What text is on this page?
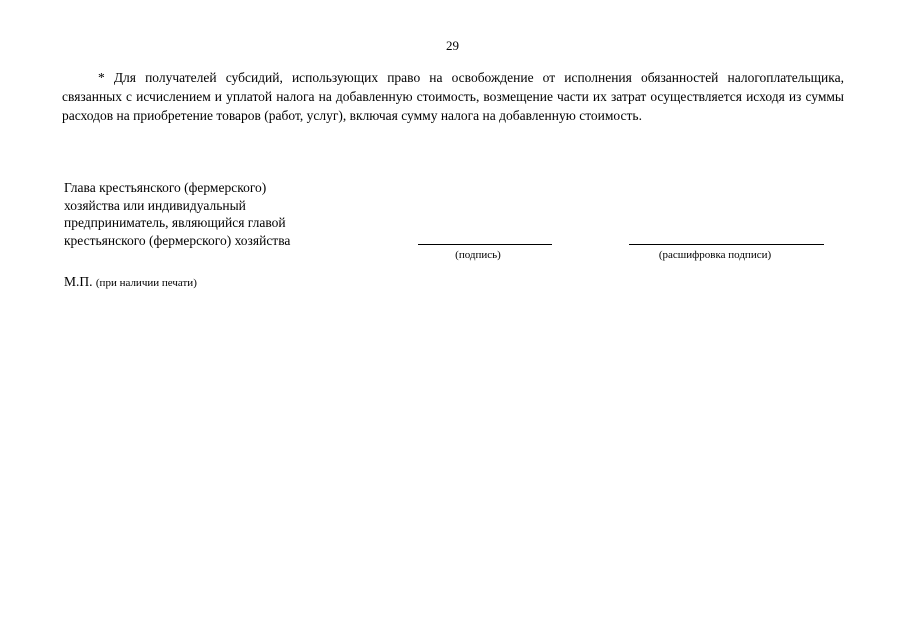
29

* Для получателей субсидий, использующих право на освобождение от исполнения обязанностей налогоплательщика, связанных с исчислением и уплатой налога на добавленную стоимость, возмещение части их затрат осуществляется исходя из суммы расходов на приобретение товаров (работ, услуг), включая сумму налога на добавленную стоимость.

Глава крестьянского (фермерского)
хозяйства или индивидуальный
предприниматель, являющийся главой
крестьянского (фермерского) хозяйства
(подпись)	(расшифровка подписи)
М.П. (при наличии печати)
